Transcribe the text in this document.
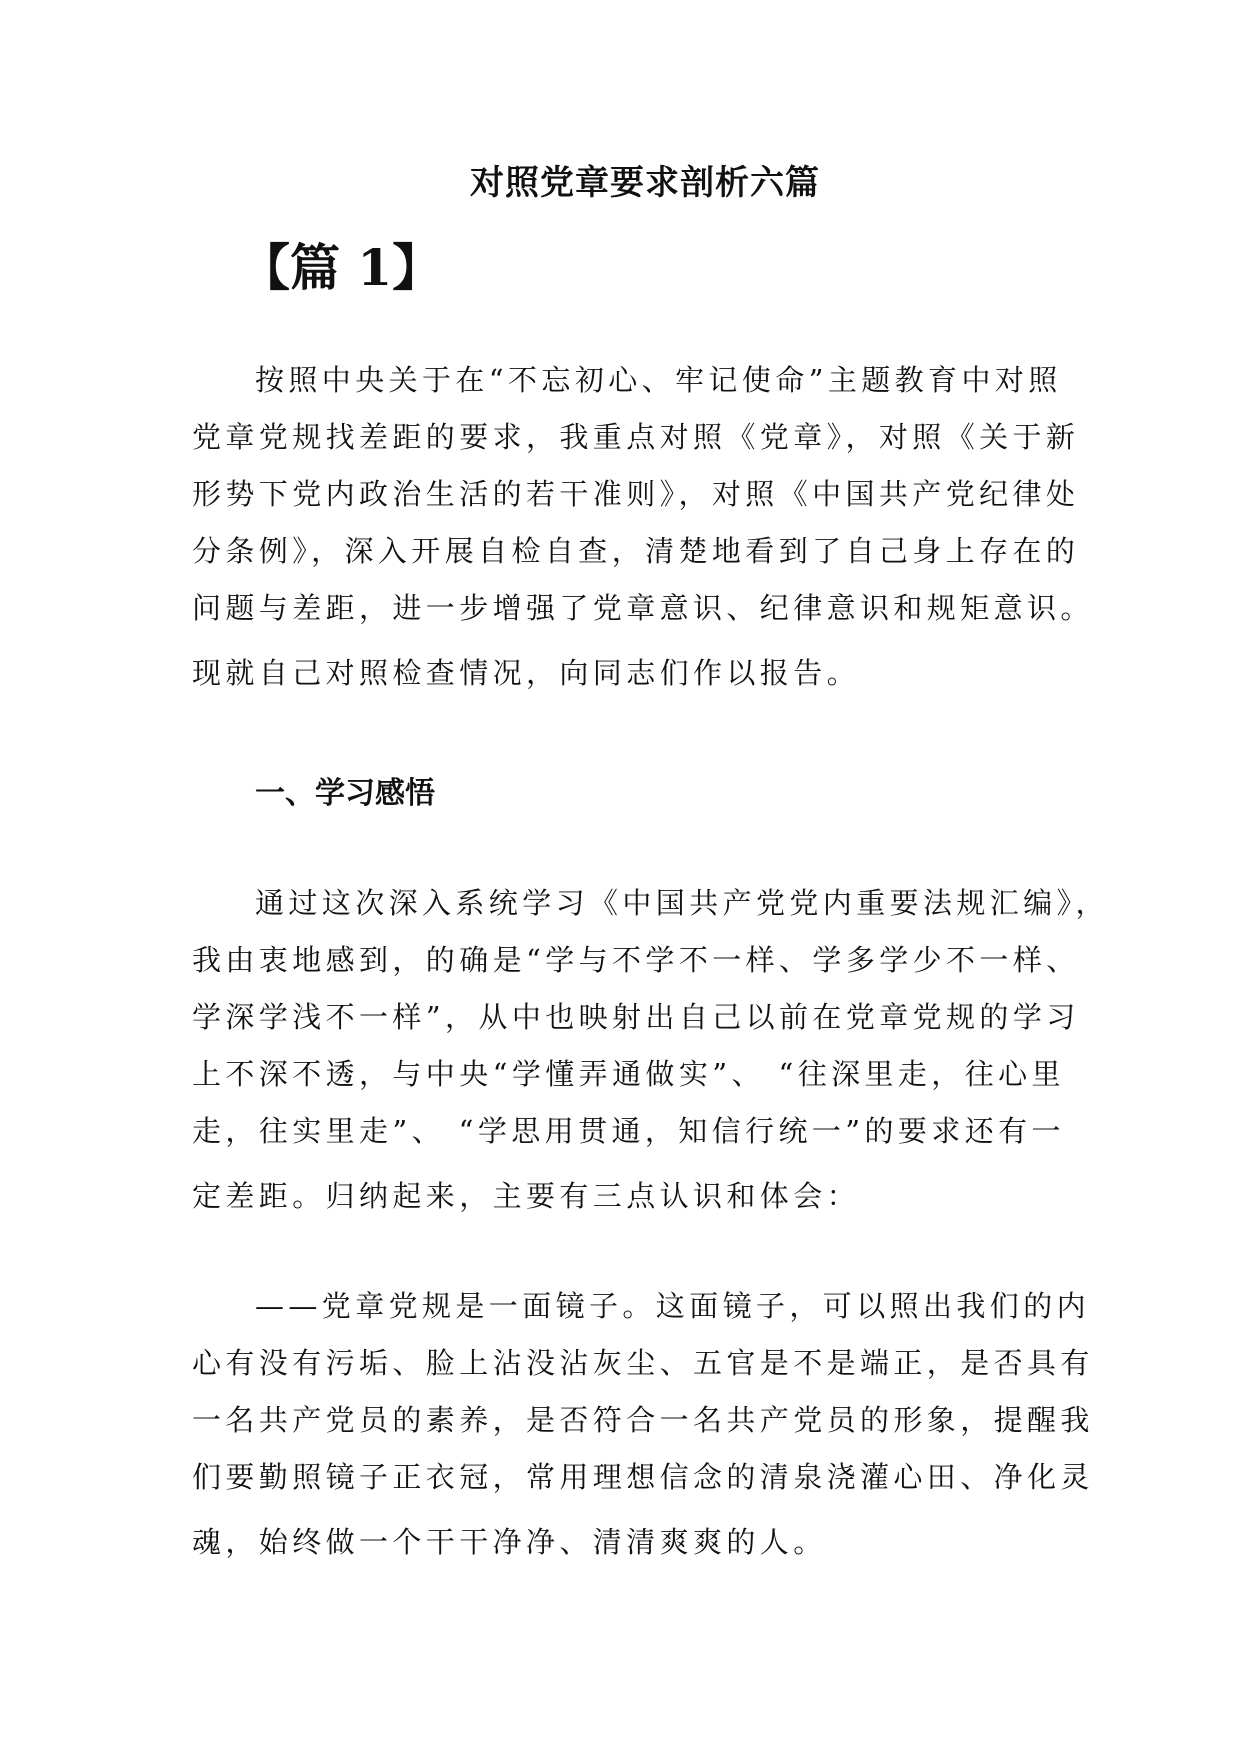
对照党章要求剖析六篇
【篇 1】
按照中央关于在“不忘初心、牢记使命”主题教育中对照
党章党规找差距的要求，我重点对照《党章》，对照《关于新
形势下党内政治生活的若干准则》，对照《中国共产党纪律处
分条例》，深入开展自检自查，清楚地看到了自己身上存在的
问题与差距，进一步增强了党章意识、纪律意识和规矩意识。
现就自己对照检查情况，向同志们作以报告。
一、学习感悟
通过这次深入系统学习《中国共产党党内重要法规汇编》，
我由衷地感到，的确是“学与不学不一样、学多学少不一样、
学深学浅不一样”，从中也映射出自己以前在党章党规的学习
上不深不透，与中央“学懂弄通做实”、 “往深里走，往心里
走，往实里走”、 “学思用贯通，知信行统一”的要求还有一
定差距。归纳起来，主要有三点认识和体会：
——党章党规是一面镜子。这面镜子，可以照出我们的内
心有没有污垢、脸上沾没沾灰尘、五官是不是端正，是否具有
一名共产党员的素养，是否符合一名共产党员的形象，提醒我
们要勤照镜子正衣冠，常用理想信念的清泉浇灌心田、净化灵
魂，始终做一个干干净净、清清爽爽的人。
